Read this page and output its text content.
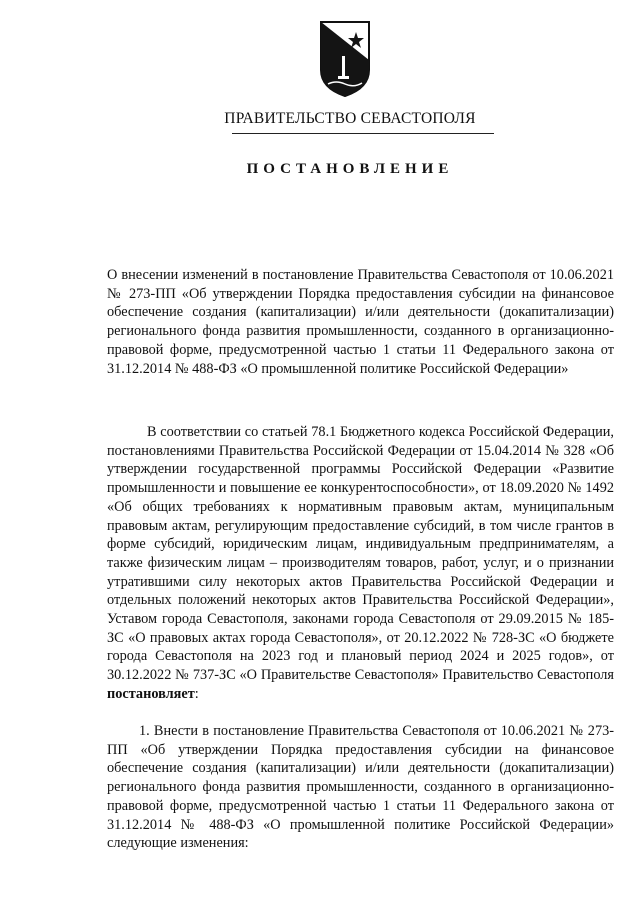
ПРАВИТЕЛЬСТВО СЕВАСТОПОЛЯ
ПОСТАНОВЛЕНИЕ
О внесении изменений в постановление Правительства Севастополя от 10.06.2021 № 273-ПП «Об утверждении Порядка предоставления субсидии на финансовое обеспечение создания (капитализации) и/или деятельности (докапитализации) регионального фонда развития промышленности, созданного в организационно-правовой форме, предусмотренной частью 1 статьи 11 Федерального закона от 31.12.2014 № 488-ФЗ «О промышленной политике Российской Федерации»
В соответствии со статьей 78.1 Бюджетного кодекса Российской Федерации, постановлениями Правительства Российской Федерации от 15.04.2014 № 328 «Об утверждении государственной программы Российской Федерации «Развитие промышленности и повышение ее конкурентоспособности», от 18.09.2020 № 1492 «Об общих требованиях к нормативным правовым актам, муниципальным правовым актам, регулирующим предоставление субсидий, в том числе грантов в форме субсидий, юридическим лицам, индивидуальным предпринимателям, а также физическим лицам – производителям товаров, работ, услуг, и о признании утратившими силу некоторых актов Правительства Российской Федерации и отдельных положений некоторых актов Правительства Российской Федерации», Уставом города Севастополя, законами города Севастополя от 29.09.2015 № 185-ЗС «О правовых актах города Севастополя», от 20.12.2022 № 728-ЗС «О бюджете города Севастополя на 2023 год и плановый период 2024 и 2025 годов», от 30.12.2022 № 737-ЗС «О Правительстве Севастополя» Правительство Севастополя постановляет:
1. Внести в постановление Правительства Севастополя от 10.06.2021 № 273-ПП «Об утверждении Порядка предоставления субсидии на финансовое обеспечение создания (капитализации) и/или деятельности (докапитализации) регионального фонда развития промышленности, созданного в организационно-правовой форме, предусмотренной частью 1 статьи 11 Федерального закона от 31.12.2014 № 488-ФЗ «О промышленной политике Российской Федерации» следующие изменения:
